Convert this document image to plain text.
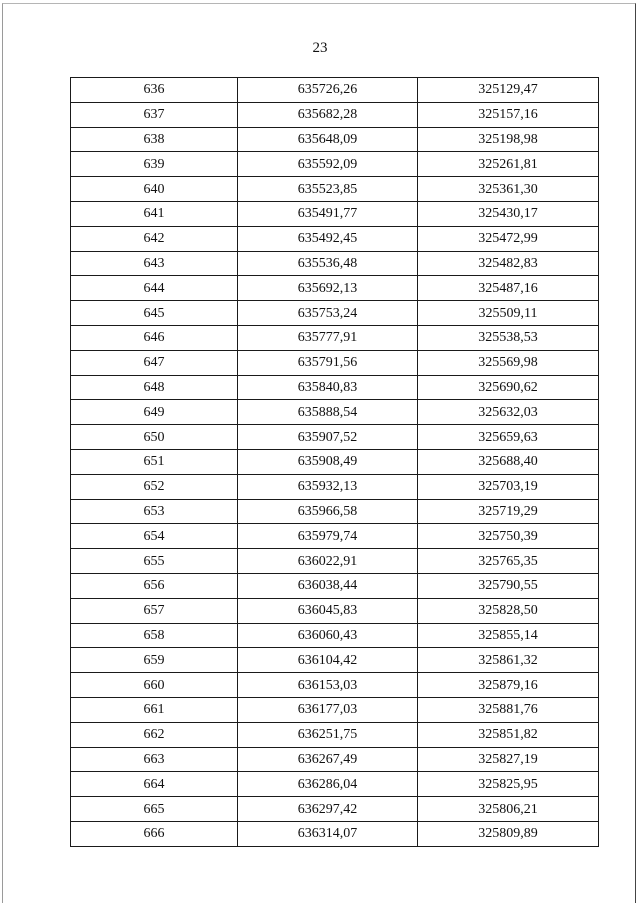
23
636	635726,26	325129,47
637	635682,28	325157,16
638	635648,09	325198,98
639	635592,09	325261,81
640	635523,85	325361,30
641	635491,77	325430,17
642	635492,45	325472,99
643	635536,48	325482,83
644	635692,13	325487,16
645	635753,24	325509,11
646	635777,91	325538,53
647	635791,56	325569,98
648	635840,83	325690,62
649	635888,54	325632,03
650	635907,52	325659,63
651	635908,49	325688,40
652	635932,13	325703,19
653	635966,58	325719,29
654	635979,74	325750,39
655	636022,91	325765,35
656	636038,44	325790,55
657	636045,83	325828,50
658	636060,43	325855,14
659	636104,42	325861,32
660	636153,03	325879,16
661	636177,03	325881,76
662	636251,75	325851,82
663	636267,49	325827,19
664	636286,04	325825,95
665	636297,42	325806,21
666	636314,07	325809,89
